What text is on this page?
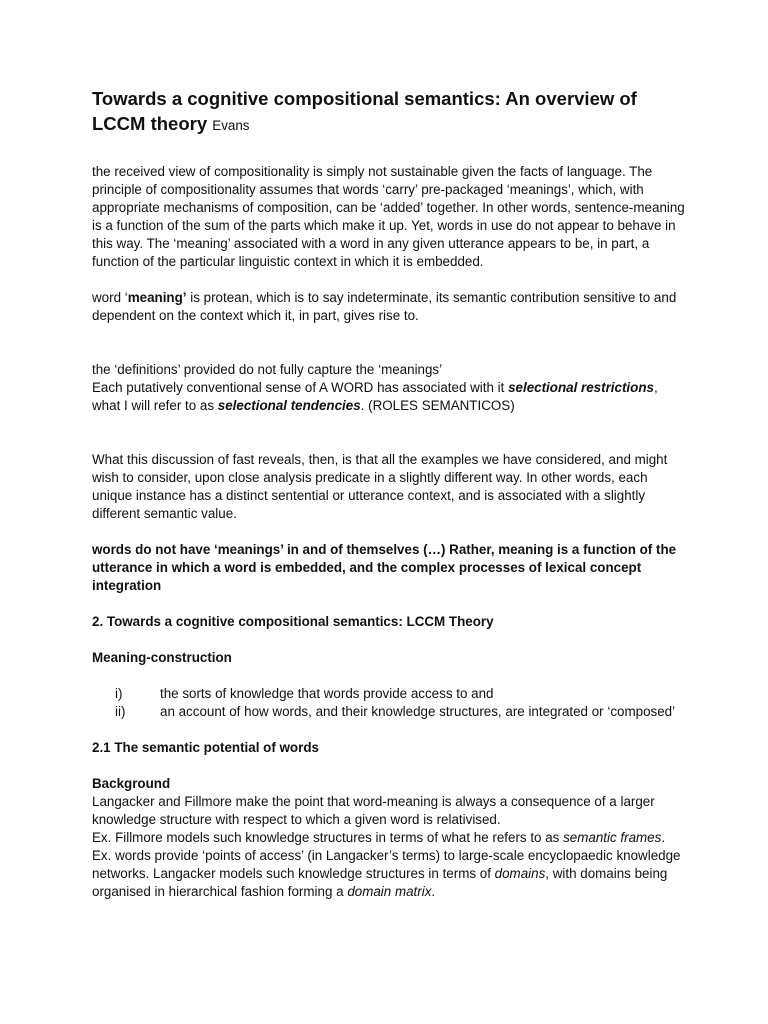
Towards a cognitive compositional semantics: An overview of LCCM theory Evans

the received view of compositionality is simply not sustainable given the facts of language. The principle of compositionality assumes that words ‘carry’ pre-packaged ‘meanings’, which, with appropriate mechanisms of composition, can be ‘added’ together. In other words, sentence-meaning is a function of the sum of the parts which make it up. Yet, words in use do not appear to behave in this way. The ‘meaning’ associated with a word in any given utterance appears to be, in part, a function of the particular linguistic context in which it is embedded.

word ‘meaning’ is protean, which is to say indeterminate, its semantic contribution sensitive to and dependent on the context which it, in part, gives rise to.

the ‘definitions’ provided do not fully capture the ‘meanings’
Each putatively conventional sense of A WORD has associated with it selectional restrictions, what I will refer to as selectional tendencies. (ROLES SEMANTICOS)

What this discussion of fast reveals, then, is that all the examples we have considered, and might wish to consider, upon close analysis predicate in a slightly different way. In other words, each unique instance has a distinct sentential or utterance context, and is associated with a slightly different semantic value.

words do not have ‘meanings’ in and of themselves (…) Rather, meaning is a function of the utterance in which a word is embedded, and the complex processes of lexical concept integration

2. Towards a cognitive compositional semantics: LCCM Theory

Meaning-construction

i)	the sorts of knowledge that words provide access to and
ii)	an account of how words, and their knowledge structures, are integrated or ‘composed’

2.1 The semantic potential of words

Background
Langacker and Fillmore make the point that word-meaning is always a consequence of a larger knowledge structure with respect to which a given word is relativised.
Ex. Fillmore models such knowledge structures in terms of what he refers to as semantic frames.
Ex. words provide ‘points of access’ (in Langacker’s terms) to large-scale encyclopaedic knowledge networks. Langacker models such knowledge structures in terms of domains, with domains being organised in hierarchical fashion forming a domain matrix.
